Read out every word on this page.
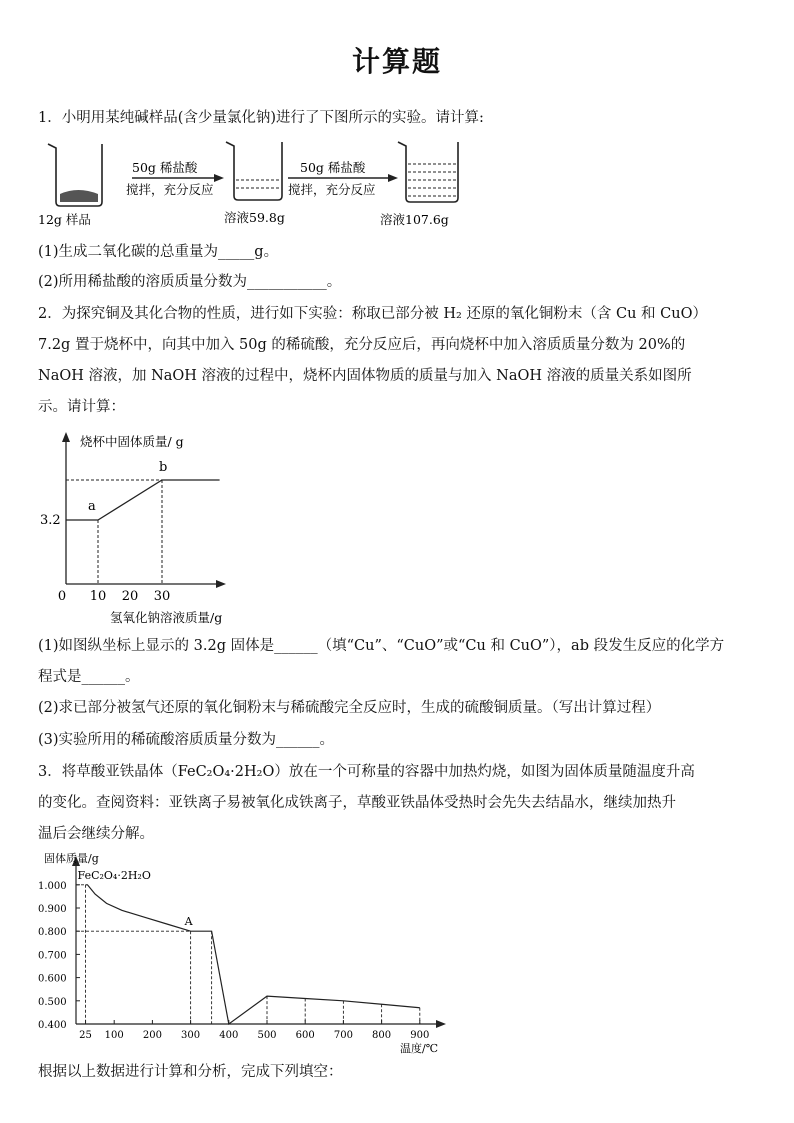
计算题
1．小明用某纯碱样品(含少量氯化钠)进行了下图所示的实验。请计算:
50g 稀盐酸
搅拌，充分反应
50g 稀盐酸
搅拌，充分反应
12g 样品	溶液59.8g	溶液107.6g
(1)生成二氧化碳的总重量为_____g。
(2)所用稀盐酸的溶质质量分数为___________。
2．为探究铜及其化合物的性质，进行如下实验：称取已部分被 H₂ 还原的氧化铜粉末（含 Cu 和 CuO）
7.2g 置于烧杯中，向其中加入 50g 的稀硫酸，充分反应后，再向烧杯中加入溶质质量分数为 20%的
NaOH 溶液，加 NaOH 溶液的过程中，烧杯内固体物质的质量与加入 NaOH 溶液的质量关系如图所
示。请计算：
烧杯中固体质量/ g
氢氧化钠溶液质量/g
0 10 20 30
3.2
a
b
(1)如图纵坐标上显示的 3.2g 固体是______（填“Cu”、“CuO”或“Cu 和 CuO”），ab 段发生反应的化学方
程式是______。
(2)求已部分被氢气还原的氧化铜粉末与稀硫酸完全反应时，生成的硫酸铜质量。（写出计算过程）
(3)实验所用的稀硫酸溶质质量分数为______。
3．将草酸亚铁晶体（FeC₂O₄·2H₂O）放在一个可称量的容器中加热灼烧，如图为固体质量随温度升高
的变化。查阅资料：亚铁离子易被氧化成铁离子，草酸亚铁晶体受热时会先失去结晶水，继续加热升
温后会继续分解。
固体质量/g
温度/℃
0.400
0.500
0.600
0.700
0.800
0.900
1.000
25 100 200 300 400 500 600 700 800 900
FeC₂O₄·2H₂O
A
根据以上数据进行计算和分析，完成下列填空：
